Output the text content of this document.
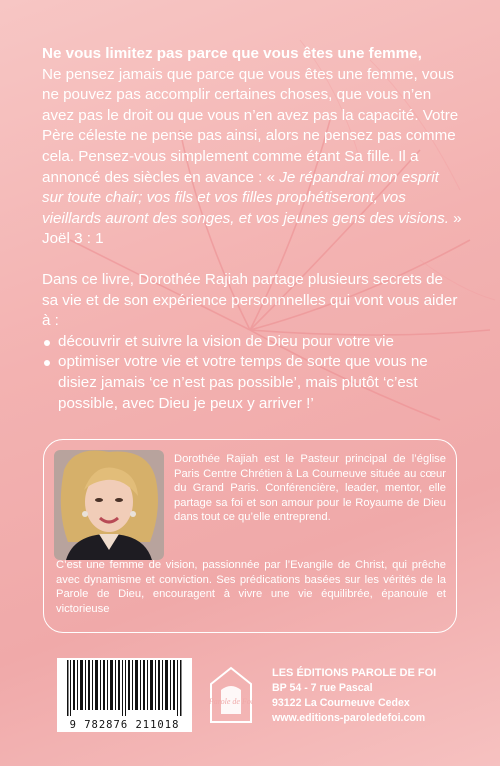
Ne vous limitez pas parce que vous êtes une femme,
Ne pensez jamais que parce que vous êtes une femme, vous ne pouvez pas accomplir certaines choses, que vous n’en avez pas le droit ou que vous n’en avez pas la capacité. Votre Père céleste ne pense pas ainsi, alors ne pensez pas comme cela. Pensez-vous simplement comme étant Sa fille. Il a annoncé des siècles en avance : « Je répandrai mon esprit sur toute chair; vos fils et vos filles prophétiseront, vos vieillards auront des songes, et vos jeunes gens des visions. » Joël 3 : 1

Dans ce livre, Dorothée Rajiah partage plusieurs secrets de sa vie et de son expérience personnnelles qui vont vous aider à :

découvrir et suivre la vision de Dieu pour votre vie
optimiser votre vie et votre temps de sorte que vous ne disiez jamais ‘ce n’est pas possible’, mais plutôt ‘c’est possible, avec Dieu je peux y arriver !’

Dorothée Rajiah est le Pasteur principal de l’église Paris Centre Chrétien à La Courneuve située au cœur du Grand Paris. Conférencière, leader, mentor, elle partage sa foi et son amour pour le Royaume de Dieu dans tout ce qu’elle entreprend.

C’est une femme de vision, passionnée par l’Evangile de Christ, qui prêche avec dynamisme et conviction. Ses prédications basées sur les vérités de la Parole de Dieu, encouragent à vivre une vie équilibrée, épanouïe et victorieuse

9 782876 211018
Parole de Foi
LES ÉDITIONS PAROLE DE FOI
BP 54 - 7 rue Pascal
93122 La Courneuve Cedex
www.editions-paroledefoi.com
